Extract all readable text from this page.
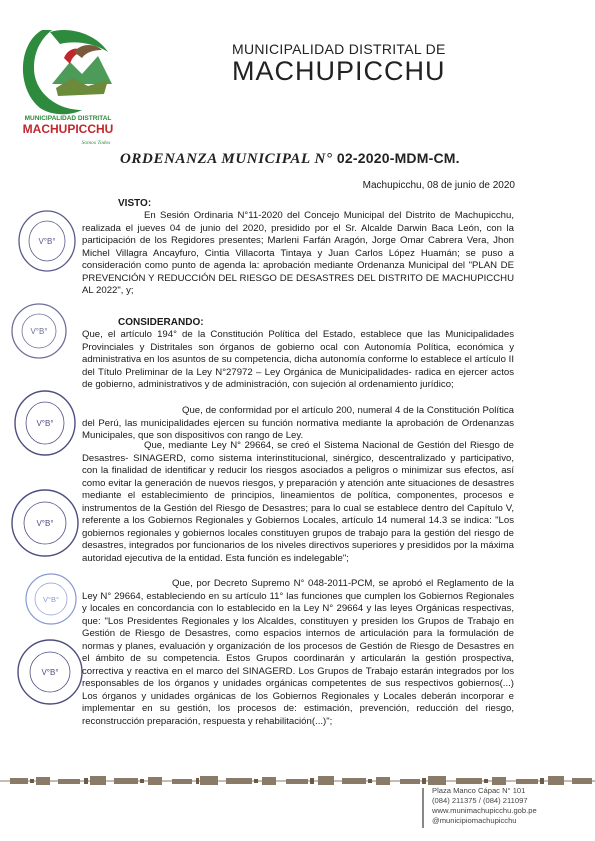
MUNICIPALIDAD DISTRITAL
MACHUPICCHU
Somos Todos
MUNICIPALIDAD DISTRITAL DE
MACHUPICCHU
ORDENANZA MUNICIPAL N° 02-2020-MDM-CM.
Machupicchu, 08 de junio de 2020
VISTO:
En Sesión Ordinaria N°11-2020 del Concejo Municipal del Distrito de Machupicchu, realizada el jueves 04 de junio del 2020, presidido por el Sr. Alcalde Darwin Baca León, con la participación de los Regidores presentes; Marleni Farfán Aragón, Jorge Omar Cabrera Vera, Jhon Michel Villagra Ancayfuro, Cintia Villacorta Tintaya y Juan Carlos López Huamán; se puso a consideración como punto de agenda la: aprobación mediante Ordenanza Municipal del "PLAN DE PREVENCIÓN Y REDUCCIÓN DEL RIESGO DE DESASTRES DEL DISTRITO DE MACHUPICCHU AL 2022", y;
CONSIDERANDO:
Que, el artículo 194° de la Constitución Política del Estado, establece que las Municipalidades Provinciales y Distritales son órganos de gobierno ocal con Autonomía Política, económica y administrativa en los asuntos de su competencia, dicha autonomía conforme lo establece el artículo II del Título Preliminar de la Ley N°27972 – Ley Orgánica de Municipalidades- radica en ejercer actos de gobierno, administrativos y de administración, con sujeción al ordenamiento jurídico;
Que, de conformidad por el artículo 200, numeral 4 de la Constitución Política del Perú, las municipalidades ejercen su función normativa mediante la aprobación de Ordenanzas Municipales, que son dispositivos con rango de Ley.
Que, mediante Ley N° 29664, se creó el Sistema Nacional de Gestión del Riesgo de Desastres- SINAGERD, como sistema interinstitucional, sinérgico, descentralizado y participativo, con la finalidad de identificar y reducir los riesgos asociados a peligros o minimizar sus efectos, así como evitar la generación de nuevos riesgos, y preparación y atención ante situaciones de desastres mediante el establecimiento de principios, lineamientos de política, componentes, procesos e instrumentos de la Gestión del Riesgo de Desastres; para lo cual se establece dentro del Capítulo V, referente a los Gobiernos Regionales y Gobiernos Locales, artículo 14 numeral 14.3 se indica: "Los gobiernos regionales y gobiernos locales constituyen grupos de trabajo para la gestión del riesgo de desastres, integrados por funcionarios de los niveles directivos superiores y presididos por la máxima autoridad ejecutiva de la entidad. Esta función es indelegable";
Que, por Decreto Supremo N° 048-2011-PCM, se aprobó el Reglamento de la Ley N° 29664, estableciendo en su artículo 11° las funciones que cumplen los Gobiernos Regionales y locales en concordancia con lo establecido en la Ley N° 29664 y las leyes Orgánicas respectivas, que: "Los Presidentes Regionales y los Alcaldes, constituyen y presiden los Grupos de Trabajo en Gestión de Riesgo de Desastres, como espacios internos de articulación para la formulación de normas y planes, evaluación y organización de los procesos de Gestión de Riesgo de Desastres en el ámbito de su competencia. Estos Grupos coordinarán y articularán la gestión prospectiva, correctiva y reactiva en el marco del SINAGERD. Los Grupos de Trabajo estarán integrados por los responsables de los órganos y unidades orgánicas competentes de sus respectivos gobiernos(...) Los órganos y unidades orgánicas de los Gobiernos Regionales y Locales deberán incorporar e implementar en su gestión, los procesos de: estimación, prevención, reducción del riesgo, reconstrucción preparación, respuesta y rehabilitación(...)";
V°B°
V°B°
V°B°
V°B°
V°B°
V°B°
Plaza Manco Cápac N° 101
(084) 211375 / (084) 211097
www.munimachupicchu.gob.pe
@municipiomachupicchu
